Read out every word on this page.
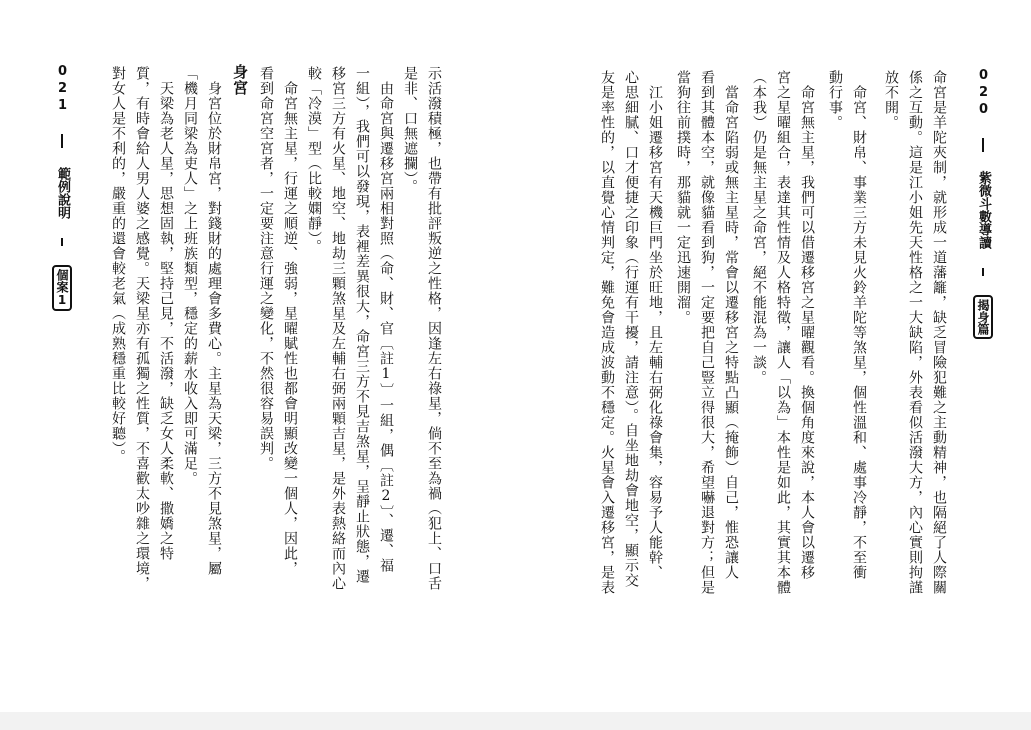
020  紫微斗數導讀  揭身篇
命宮是羊陀夾制，就形成一道藩籬，缺乏冒險犯難之主動精神，也隔絕了人際關
係之互動。這是江小姐先天性格之一大缺陷，外表看似活潑大方，內心實則拘謹
放不開。
　命宮、財帛、事業三方未見火鈴羊陀等煞星，個性溫和、處事冷靜，不至衝
動行事。
　命宮無主星，我們可以借遷移宮之星曜觀看。換個角度來說，本人會以遷移
宮之星曜組合，表達其性情及人格特徵，讓人「以為」本性是如此，其實其本體
（本我）仍是無主星之命宮，絕不能混為一談。
　當命宮陷弱或無主星時，常會以遷移宮之特點凸顯（掩飾）自己，惟恐讓人
看到其體本空，就像貓看到狗，一定要把自己豎立得很大，希望嚇退對方；但是
當狗往前撲時，那貓就一定迅速開溜。
　江小姐遷移宮有天機巨門坐於旺地，且左輔右弼化祿會集，容易予人能幹、
心思細膩、口才便捷之印象（行運有干擾，請注意）。自坐地劫會地空，顯示交
友是率性的，以直覺心情判定，難免會造成波動不穩定。火星會入遷移宮，是表
示活潑積極，也帶有批評叛逆之性格，因逢左右祿星，倘不至為禍（犯上、口舌
是非、口無遮攔）。
　由命宮與遷移宮兩相對照（命、財、官〔註1〕一組，偶〔註2〕、遷、福
一組），我們可以發現，表裡差異很大，命宮三方不見吉煞星，呈靜止狀態，遷
移宮三方有火星、地空、地劫三顆煞星及左輔右弼兩顆吉星，是外表熱絡而內心
較「冷漠」型（比較嫻靜）。
　命宮無主星，行運之順逆、強弱，星曜賦性也都會明顯改變一個人，因此，
看到命宮空宮者，一定要注意行運之變化，不然很容易誤判。
身宮
　身宮位於財帛宮，對錢財的處理會多費心。主星為天梁，三方不見煞星，屬
「機月同梁為吏人」之上班族類型，穩定的薪水收入即可滿足。
　天梁為老人星，思想固執，堅持己見，不活潑，缺乏女人柔軟、撒嬌之特
質，有時會給人男人婆之感覺。天梁星亦有孤獨之性質，不喜歡太吵雜之環境，
對女人是不利的，嚴重的還會較老氣（成熟穩重比較好聽）。
021  範例說明  個案1
